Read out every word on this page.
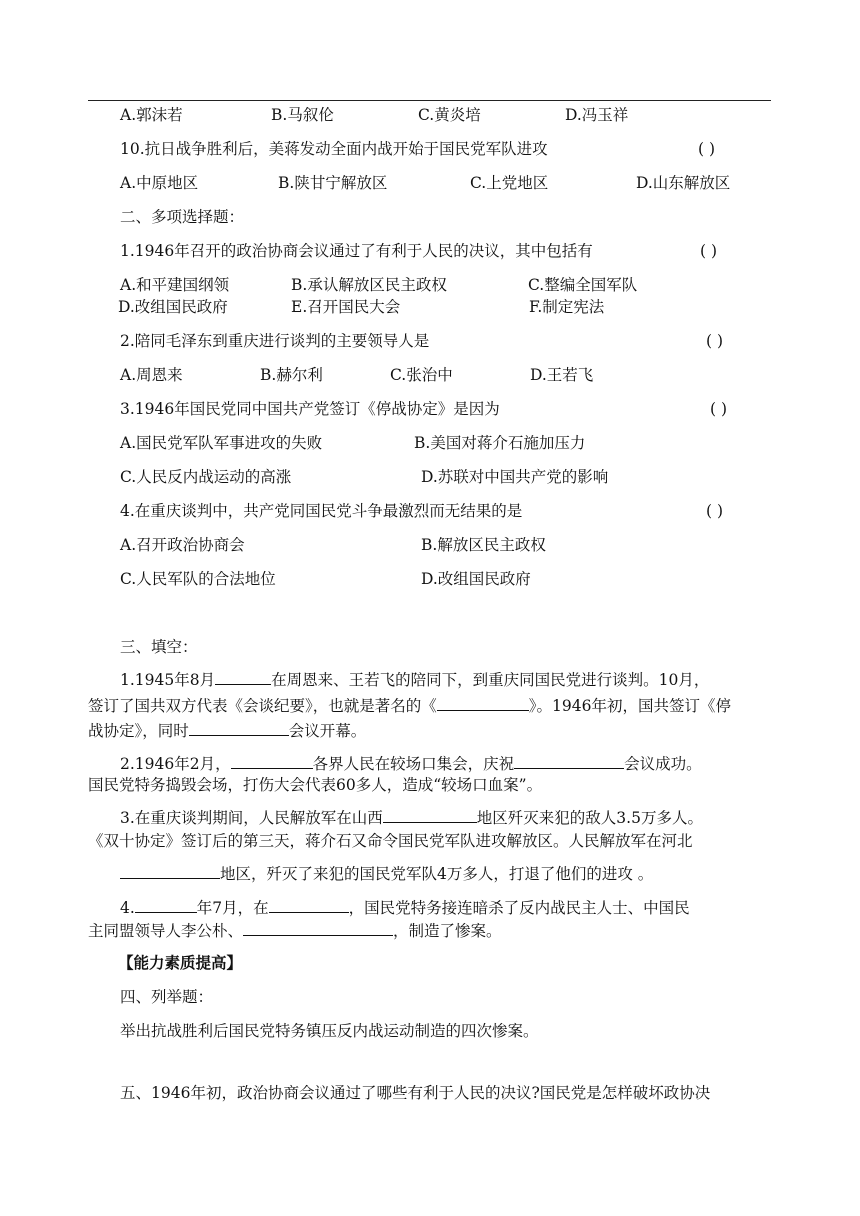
A.郭沫若	B.马叙伦	C.黄炎培	D.冯玉祥
10.抗日战争胜利后，美蒋发动全面内战开始于国民党军队进攻	( )
A.中原地区	B.陕甘宁解放区	C.上党地区	D.山东解放区
二、多项选择题：
1.1946年召开的政治协商会议通过了有利于人民的决议，其中包括有	( )
A.和平建国纲领	B.承认解放区民主政权	C.整编全国军队
D.改组国民政府	E.召开国民大会	F.制定宪法
2.陪同毛泽东到重庆进行谈判的主要领导人是	( )
A.周恩来	B.赫尔利	C.张治中	D.王若飞
3.1946年国民党同中国共产党签订《停战协定》是因为	( )
A.国民党军队军事进攻的失败	B.美国对蒋介石施加压力
C.人民反内战运动的高涨	D.苏联对中国共产党的影响
4.在重庆谈判中，共产党同国民党斗争最激烈而无结果的是	( )
A.召开政治协商会	B.解放区民主政权
C.人民军队的合法地位	D.改组国民政府
三、填空：
1.1945年8月	在周恩来、王若飞的陪同下，到重庆同国民党进行谈判。10月，
签订了国共双方代表《会谈纪要》，也就是著名的《	》。1946年初，国共签订《停
战协定》，同时	会议开幕。
2.1946年2月，	各界人民在较场口集会，庆祝	会议成功。
国民党特务捣毁会场，打伤大会代表60多人，造成“较场口血案”。
3.在重庆谈判期间，人民解放军在山西	地区歼灭来犯的敌人3.5万多人。
《双十协定》签订后的第三天，蒋介石又命令国民党军队进攻解放区。人民解放军在河北
地区，歼灭了来犯的国民党军队4万多人，打退了他们的进攻 。
4.	年7月，在	，国民党特务接连暗杀了反内战民主人士、中国民
主同盟领导人李公朴、	，制造了惨案。
【能力素质提高】
四、列举题：
举出抗战胜利后国民党特务镇压反内战运动制造的四次惨案。
五、1946年初，政治协商会议通过了哪些有利于人民的决议?国民党是怎样破坏政协决
